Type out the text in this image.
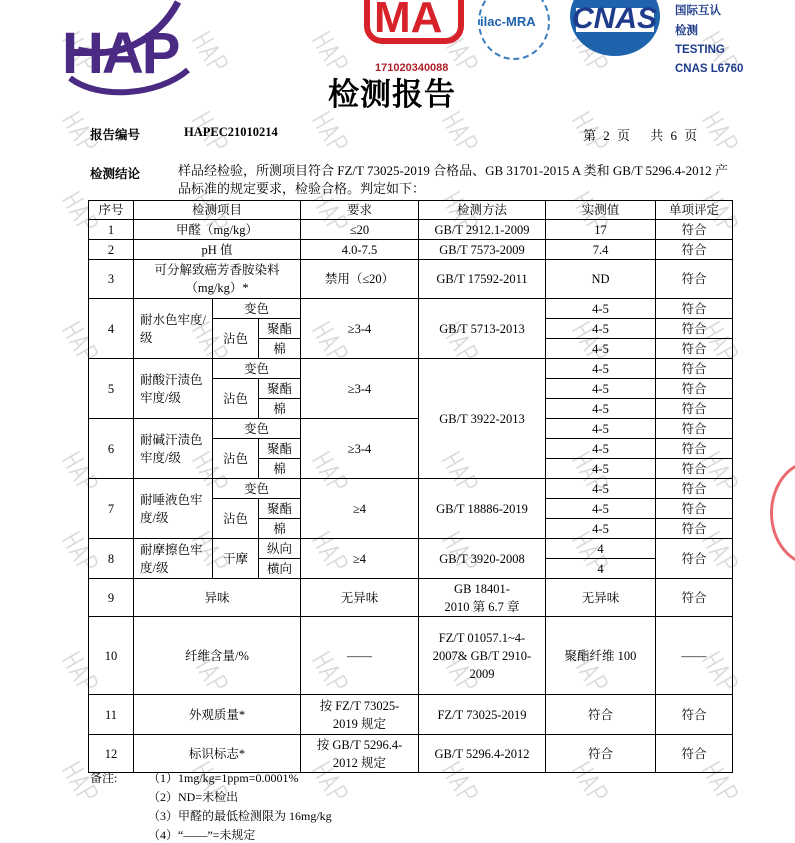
HAP
MA	ilac-MRA CNAS 国际互认
检测
TESTING
CNAS L6760
171020340088
检测报告
报告编号	HAPEC21010214	第 2 页　 共 6 页
检测结论	样品经检验，所测项目符合 FZ/T 73025-2019 合格品、GB 31701-2015 A 类和 GB/T 5296.4-2012 产品标准的规定要求，检验合格。判定如下：
序号	检测项目			要求	检测方法	实测值	单项评定
1	甲醛（mg/kg）			≤20	GB/T 2912.1-2009	17	符合
2	pH 值			4.0-7.5	GB/T 7573-2009	7.4	符合
3	可分解致癌芳香胺染料（mg/kg）*			禁用（≤20）	GB/T 17592-2011	ND	符合
4	耐水色牢度/级	变色		≥3-4	GB/T 5713-2013	4-5	符合
		沾色	聚酯			4-5	符合
			棉			4-5	符合
5	耐酸汗渍色牢度/级	变色		≥3-4	GB/T 3922-2013	4-5	符合
		沾色	聚酯			4-5	符合
			棉			4-5	符合
6	耐碱汗渍色牢度/级	变色		≥3-4		4-5	符合
		沾色	聚酯			4-5	符合
			棉			4-5	符合
7	耐唾液色牢度/级	变色		≥4	GB/T 18886-2019	4-5	符合
		沾色	聚酯			4-5	符合
			棉			4-5	符合
8	耐摩擦色牢度/级	干摩	纵向	≥4	GB/T 3920-2008	4	符合
			横向			4	
9	异味			无异味	GB 18401-2010 第 6.7 章	无异味	符合
10	纤维含量/%			——	FZ/T 01057.1~4-2007& GB/T 2910-2009	聚酯纤维 100	——
11	外观质量*			按 FZ/T 73025-2019 规定	FZ/T 73025-2019	符合	符合
12	标识标志*			按 GB/T 5296.4-2012 规定	GB/T 5296.4-2012	符合	符合
备注:	（1）1mg/kg=1ppm=0.0001%
（2）ND=未检出
（3）甲醛的最低检测限为 16mg/kg
（4）“——”=未规定
